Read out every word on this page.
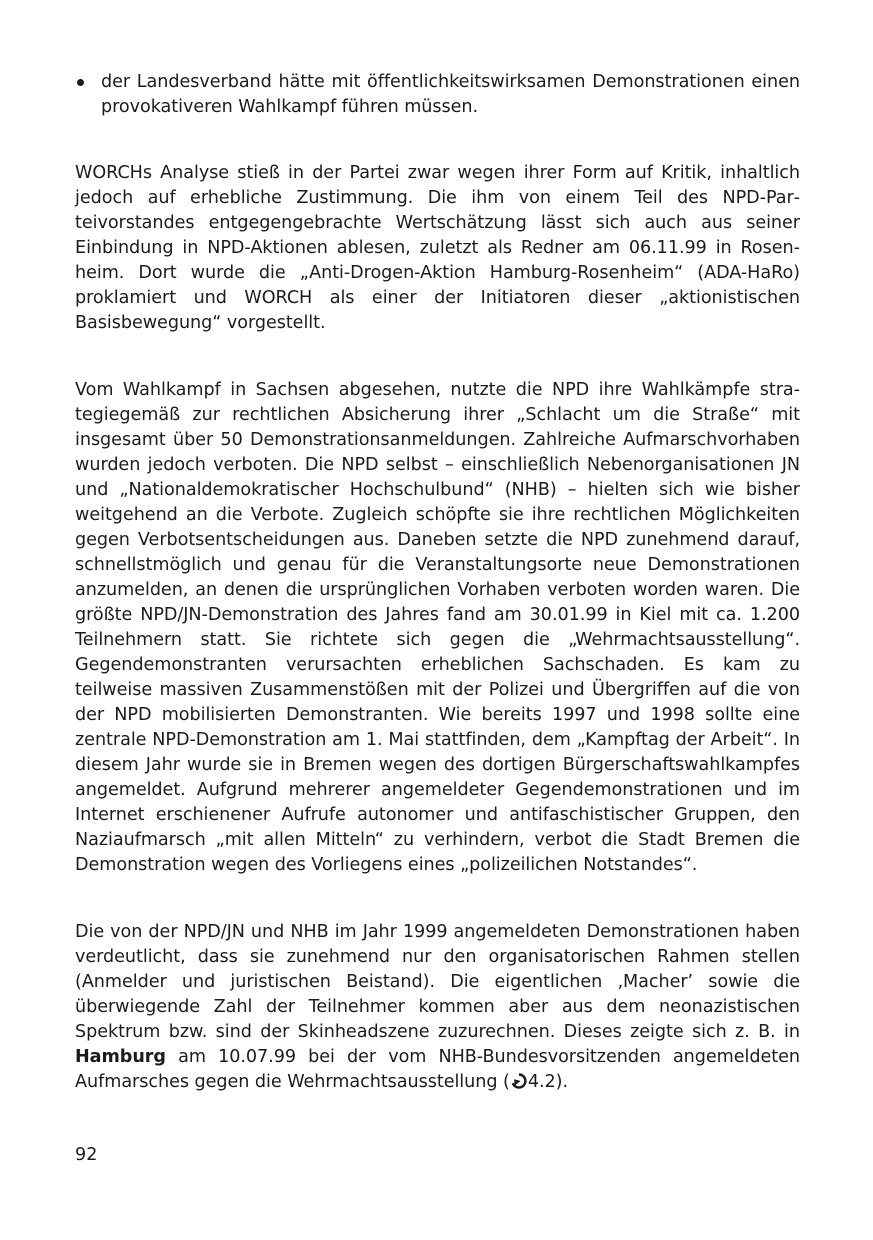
der Landesverband hätte mit öffentlichkeitswirksamen Demonstrationen einen provokativeren Wahlkampf führen müssen.

WORCHs Analyse stieß in der Partei zwar wegen ihrer Form auf Kritik, inhaltlich jedoch auf erhebliche Zustimmung. Die ihm von einem Teil des NPD-Parteivorstandes entgegengebrachte Wertschätzung lässt sich auch aus seiner Einbindung in NPD-Aktionen ablesen, zuletzt als Redner am 06.11.99 in Rosenheim. Dort wurde die „Anti-Drogen-Aktion Hamburg-Rosenheim“ (ADA-HaRo) proklamiert und WORCH als einer der Initiatoren dieser „aktionistischen Basisbewegung“ vorgestellt.

Vom Wahlkampf in Sachsen abgesehen, nutzte die NPD ihre Wahlkämpfe strategiegemäß zur rechtlichen Absicherung ihrer „Schlacht um die Straße“ mit insgesamt über 50 Demonstrationsanmeldungen. Zahlreiche Aufmarschvorhaben wurden jedoch verboten. Die NPD selbst – einschließlich Nebenorganisationen JN und „Nationaldemokratischer Hochschulbund“ (NHB) – hielten sich wie bisher weitgehend an die Verbote. Zugleich schöpfte sie ihre rechtlichen Möglichkeiten gegen Verbotsentscheidungen aus. Daneben setzte die NPD zunehmend darauf, schnellstmöglich und genau für die Veranstaltungsorte neue Demonstrationen anzumelden, an denen die ursprünglichen Vorhaben verboten worden waren. Die größte NPD/JN-Demonstration des Jahres fand am 30.01.99 in Kiel mit ca. 1.200 Teilnehmern statt. Sie richtete sich gegen die „Wehrmachtsausstellung“. Gegendemonstranten verursachten erheblichen Sachschaden. Es kam zu teilweise massiven Zusammenstößen mit der Polizei und Übergriffen auf die von der NPD mobilisierten Demonstranten. Wie bereits 1997 und 1998 sollte eine zentrale NPD-Demonstration am 1. Mai stattfinden, dem „Kampftag der Arbeit“. In diesem Jahr wurde sie in Bremen wegen des dortigen Bürgerschaftswahlkampfes angemeldet. Aufgrund mehrerer angemeldeter Gegendemonstrationen und im Internet erschienener Aufrufe autonomer und antifaschistischer Gruppen, den Naziaufmarsch „mit allen Mitteln“ zu verhindern, verbot die Stadt Bremen die Demonstration wegen des Vorliegens eines „polizeilichen Notstandes“.

Die von der NPD/JN und NHB im Jahr 1999 angemeldeten Demonstrationen haben verdeutlicht, dass sie zunehmend nur den organisatorischen Rahmen stellen (Anmelder und juristischen Beistand). Die eigentlichen ‚Macher’ sowie die überwiegende Zahl der Teilnehmer kommen aber aus dem neonazistischen Spektrum bzw. sind der Skinheadszene zuzurechnen. Dieses zeigte sich z. B. in Hamburg am 10.07.99 bei der vom NHB-Bundesvorsitzenden angemeldeten Aufmarsches gegen die Wehrmachtsausstellung ( 4.2).

92
